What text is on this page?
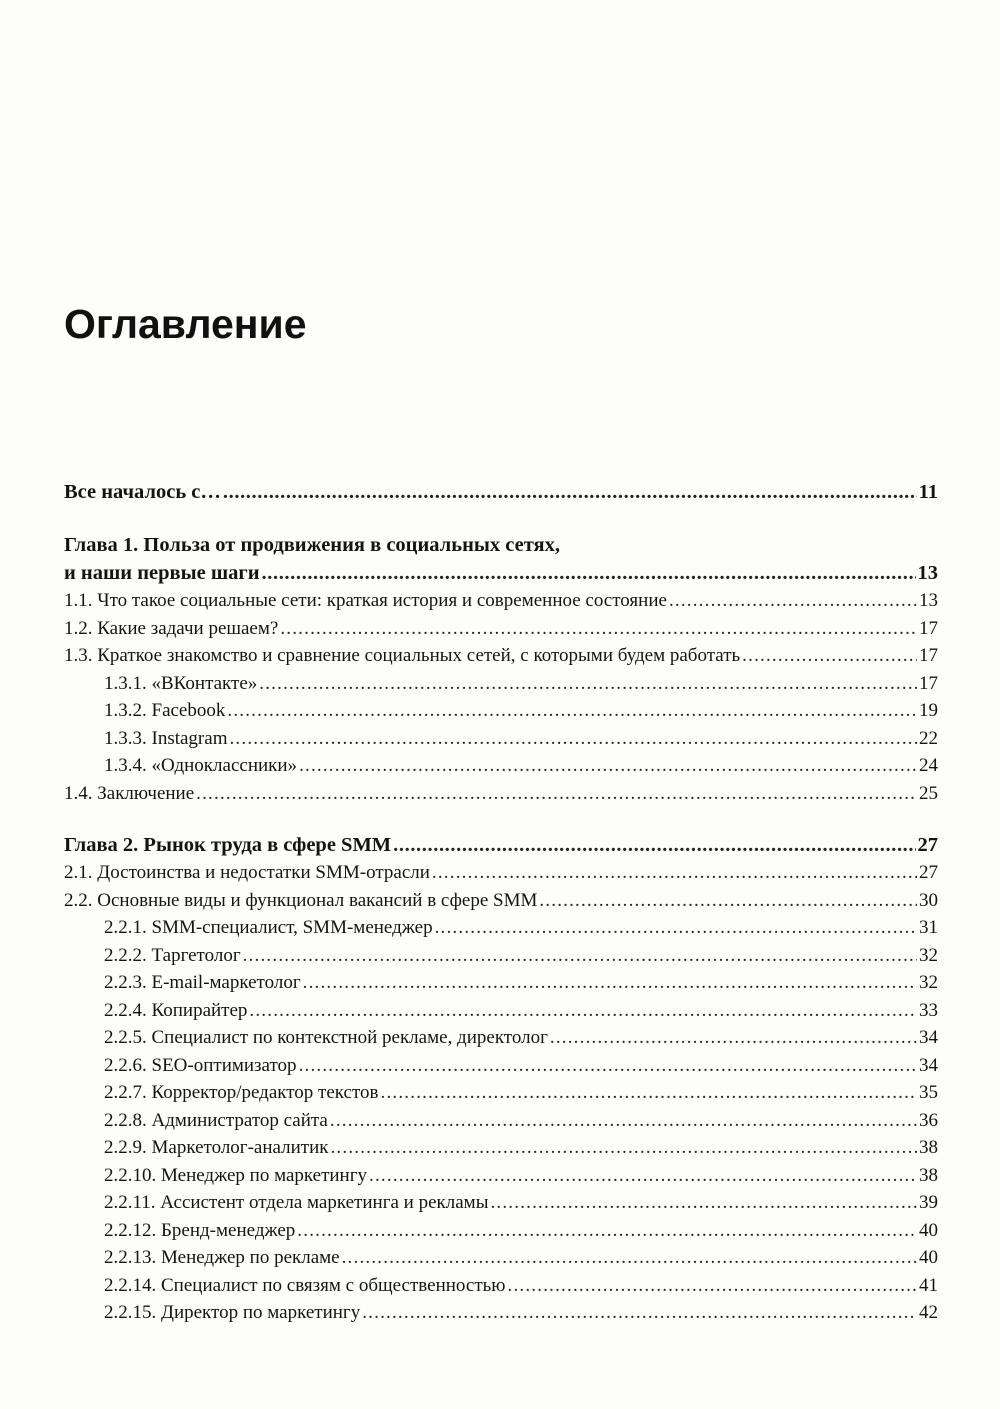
Оглавление
Все началось с… .....	11
Глава 1. Польза от продвижения в социальных сетях,
и наши первые шаги .....	13
1.1. Что такое социальные сети: краткая история и современное состояние .....	13
1.2. Какие задачи решаем? .....	17
1.3. Краткое знакомство и сравнение социальных сетей, с которыми будем работать .....	17
1.3.1. «ВКонтакте» .....	17
1.3.2. Facebook .....	19
1.3.3. Instagram .....	22
1.3.4. «Одноклассники» .....	24
1.4. Заключение .....	25
Глава 2. Рынок труда в сфере SMM .....	27
2.1. Достоинства и недостатки SMM-отрасли .....	27
2.2. Основные виды и функционал вакансий в сфере SMM .....	30
2.2.1. SMM-специалист, SMM-менеджер .....	31
2.2.2. Таргетолог .....	32
2.2.3. E-mail-маркетолог .....	32
2.2.4. Копирайтер .....	33
2.2.5. Специалист по контекстной рекламе, директолог .....	34
2.2.6. SEO-оптимизатор .....	34
2.2.7. Корректор/редактор текстов .....	35
2.2.8. Администратор сайта .....	36
2.2.9. Маркетолог-аналитик .....	38
2.2.10. Менеджер по маркетингу .....	38
2.2.11. Ассистент отдела маркетинга и рекламы .....	39
2.2.12. Бренд-менеджер .....	40
2.2.13. Менеджер по рекламе .....	40
2.2.14. Специалист по связям с общественностью .....	41
2.2.15. Директор по маркетингу .....	42
